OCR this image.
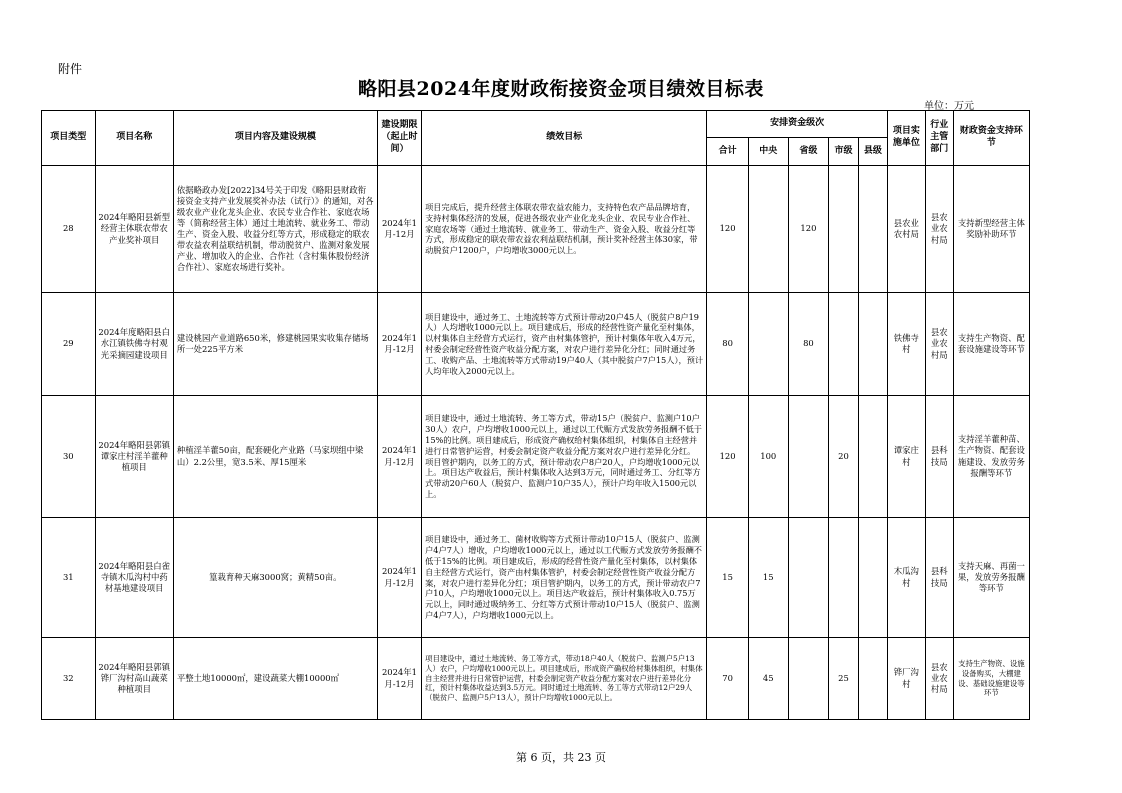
附件
略阳县2024年度财政衔接资金项目绩效目标表
单位：万元
项目类型	项目名称	项目内容及建设规模	建设期限（起止时间）	绩效目标	安排资金级次					项目实施单位	行业主管部门	财政资金支持环节
					合计	中央	省级	市级	县级			
28	2024年略阳县新型经营主体联农带农产业奖补项目	依据略政办发[2022]34号关于印发《略阳县财政衔接资金支持产业发展奖补办法（试行）》的通知，对各级农业产业化龙头企业、农民专业合作社、家庭农场等（简称经营主体）通过土地流转、就业务工、带动生产、资金入股、收益分红等方式，形成稳定的联农带农益农利益联结机制，带动脱贫户、监测对象发展产业、增加收入的企业、合作社（含村集体股份经济合作社）、家庭农场进行奖补。	2024年1月-12月	项目完成后，提升经营主体联农带农益农能力，支持特色农产品品牌培育，支持村集体经济的发展，促进各级农业产业化龙头企业、农民专业合作社、家庭农场等（通过土地流转、就业务工、带动生产、资金入股、收益分红等方式，形成稳定的联农带农益农利益联结机制，预计奖补经营主体30家，带动脱贫户1200户，户均增收3000元以上。	120		120			县农业农村局	县农业农村局	支持新型经营主体奖励补助环节
29	2024年度略阳县白水江镇铁佛寺村观光采摘园建设项目	建设桃园产业道路650米，修建桃园果实收集存储场所一处225平方米	2024年1月-12月	项目建设中，通过务工、土地流转等方式预计带动20户45人（脱贫户8户19人）人均增收1000元以上。项目建成后，形成的经营性资产量化至村集体，以村集体自主经营方式运行，资产由村集体管护，预计村集体年收入4万元，村委会制定经营性资产收益分配方案，对农户进行差异化分红；同时通过务工、收购产品、土地流转等方式带动19户40人（其中脱贫户7户15人），预计人均年收入2000元以上。	80		80			铁佛寺村	县农业农村局	支持生产物资、配套设施建设等环节
30	2024年略阳县郭镇谭家庄村淫羊藿种植项目	种植淫羊藿50亩，配套硬化产业路（马家坝组中梁山）2.2公里，宽3.5米、厚15厘米	2024年1月-12月	项目建设中，通过土地流转、务工等方式，带动15户（脱贫户、监测户10户30人）农户，户均增收1000元以上，通过以工代赈方式发放劳务报酬不低于15%的比例。项目建成后，形成资产确权给村集体组织，村集体自主经营并进行日常管护运营，村委会制定资产收益分配方案对农户进行差异化分红。项目管护期内，以务工的方式，预计带动农户8户20人，户均增收1000元以上。项目达产收益后，预计村集体收入达到3万元，同时通过务工、分红等方式带动20户60人（脱贫户、监测户10户35人），预计户均年收入1500元以上。	120	100		20		谭家庄村	县科技局	支持淫羊藿种苗、生产物资、配套设施建设、发放劳务报酬等环节
31	2024年略阳县白雀寺镇木瓜沟村中药材基地建设项目	篁栽育种天麻3000窝；黄精50亩。	2024年1月-12月	项目建设中，通过务工、菌材收购等方式预计带动10户15人（脱贫户、监测户4户7人）增收，户均增收1000元以上，通过以工代赈方式发放劳务报酬不低于15%的比例。项目建成后，形成的经营性资产量化至村集体，以村集体自主经营方式运行，资产由村集体管护，村委会制定经营性资产收益分配方案，对农户进行差异化分红；项目管护期内，以务工的方式，预计带动农户7户10人，户均增收1000元以上。项目达产收益后，预计村集体收入0.75万元以上，同时通过吸纳务工、分红等方式预计带动10户15人（脱贫户、监测户4户7人），户均增收1000元以上。	15	15				木瓜沟村	县科技局	支持天麻、再菌一果，发放劳务报酬等环节
32	2024年略阳县郭镇铧厂沟村高山蔬菜种植项目	平整土地10000㎡，建设蔬菜大棚10000㎡	2024年1月-12月	项目建设中，通过土地流转、务工等方式，带动18户40人（脱贫户、监测户5户13人）农户，户均增收1000元以上。项目建成后，形成资产确权给村集体组织，村集体自主经营并进行日常管护运营，村委会制定资产收益分配方案对农户进行差异化分红，预计村集体收益达到3.5万元。同时通过土地流转、务工等方式带动12户29人（脱贫户、监测户5户13人），预计户均增收1000元以上。	70	45		25		铧厂沟村	县农业农村局	支持生产物资、设施设备购买，大棚建设、基础设施建设等环节
第 6 页，共 23 页
